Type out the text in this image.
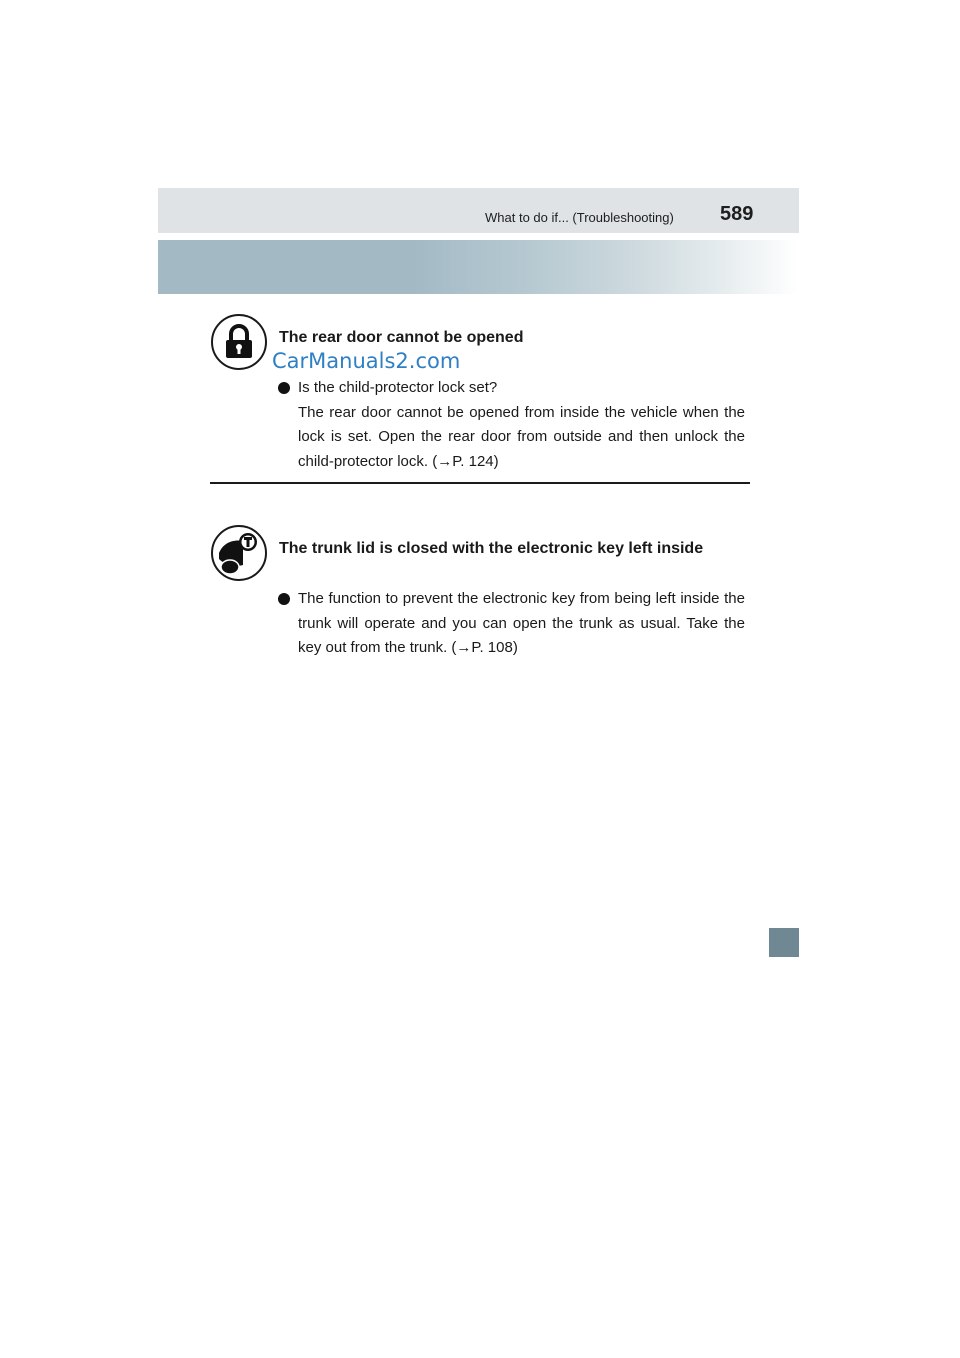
What to do if... (Troubleshooting) 589
The rear door cannot be opened
CarManuals2.com
Is the child-protector lock set?
The rear door cannot be opened from inside the vehicle when the lock is set. Open the rear door from outside and then unlock the child-protector lock. (→P. 124)
The trunk lid is closed with the electronic key left inside
The function to prevent the electronic key from being left inside the trunk will operate and you can open the trunk as usual. Take the key out from the trunk. (→P. 108)
